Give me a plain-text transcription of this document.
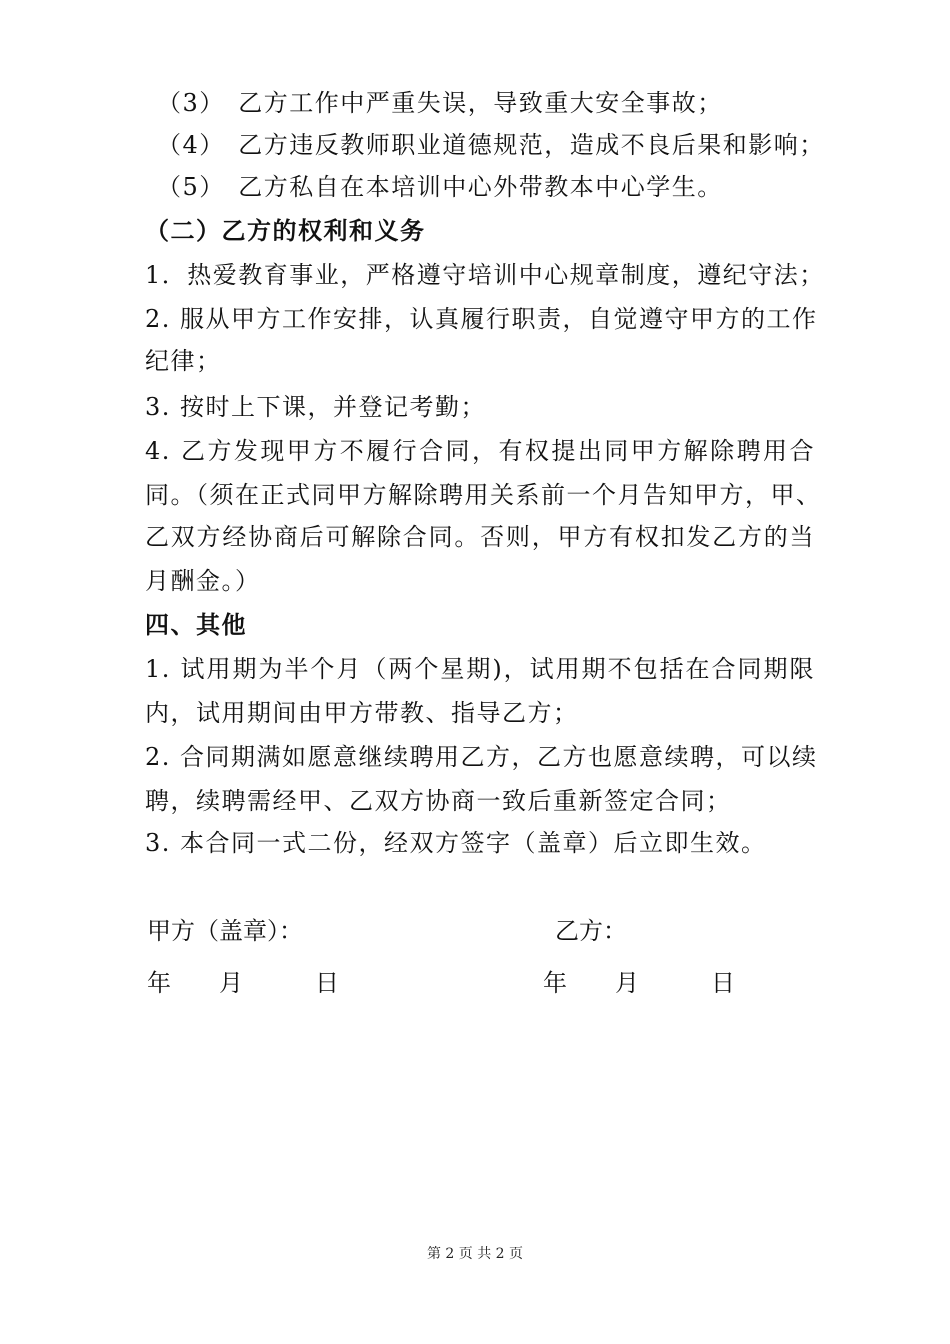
（3）　乙方工作中严重失误，导致重大安全事故；
（4）　乙方违反教师职业道德规范，造成不良后果和影响；
（5）　乙方私自在本培训中心外带教本中心学生。
（二）乙方的权利和义务
1．热爱教育事业，严格遵守培训中心规章制度，遵纪守法；
2. 服从甲方工作安排，认真履行职责，自觉遵守甲方的工作
纪律；
3. 按时上下课，并登记考勤；
4. 乙方发现甲方不履行合同，有权提出同甲方解除聘用合
同。（须在正式同甲方解除聘用关系前一个月告知甲方，甲、
乙双方经协商后可解除合同。否则，甲方有权扣发乙方的当
月酬金。）
四、其他
1. 试用期为半个月（两个星期)，试用期不包括在合同期限
内，试用期间由甲方带教、指导乙方；
2. 合同期满如愿意继续聘用乙方，乙方也愿意续聘，可以续
聘，续聘需经甲、乙双方协商一致后重新签定合同；
3. 本合同一式二份，经双方签字（盖章）后立即生效。
甲方（盖章）：	乙方：
年　　月　　　日	年　　月　　　日
第 2 页 共 2 页
